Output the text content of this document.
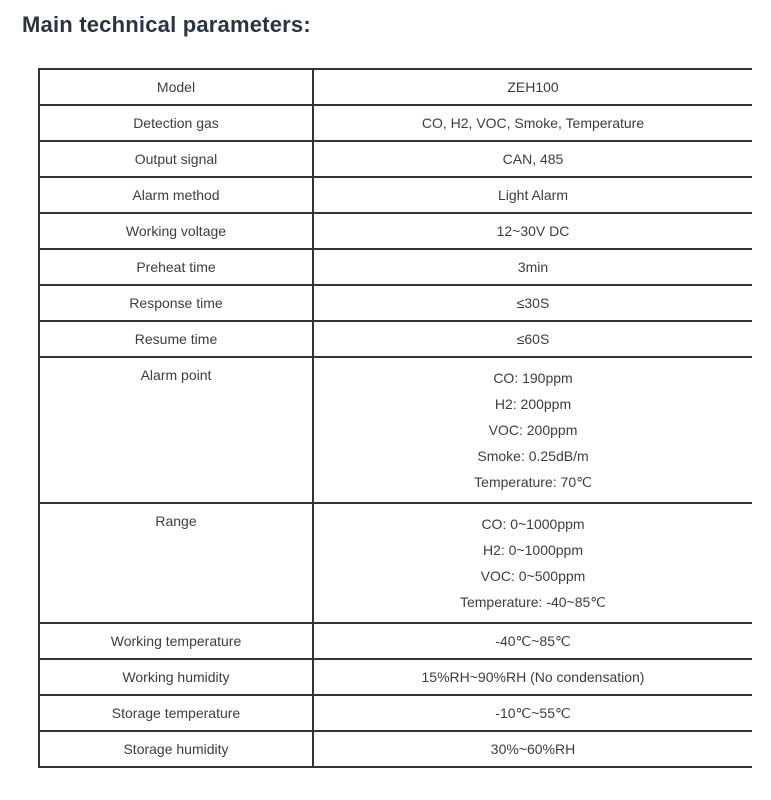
Main technical parameters:
Model	ZEH100

Detection gas	CO, H2, VOC, Smoke, Temperature

Output signal	CAN, 485

Alarm method	Light Alarm

Working voltage	12~30V DC

Preheat time	3min

Response time	≤30S

Resume time	≤60S

Alarm point	CO: 190ppm
H2: 200ppm
VOC: 200ppm
Smoke: 0.25dB/m
Temperature: 70℃

Range	CO: 0~1000ppm
H2: 0~1000ppm
VOC: 0~500ppm
Temperature: -40~85℃

Working temperature	-40℃~85℃

Working humidity	15%RH~90%RH (No condensation)

Storage temperature	-10℃~55℃

Storage humidity	30%~60%RH
